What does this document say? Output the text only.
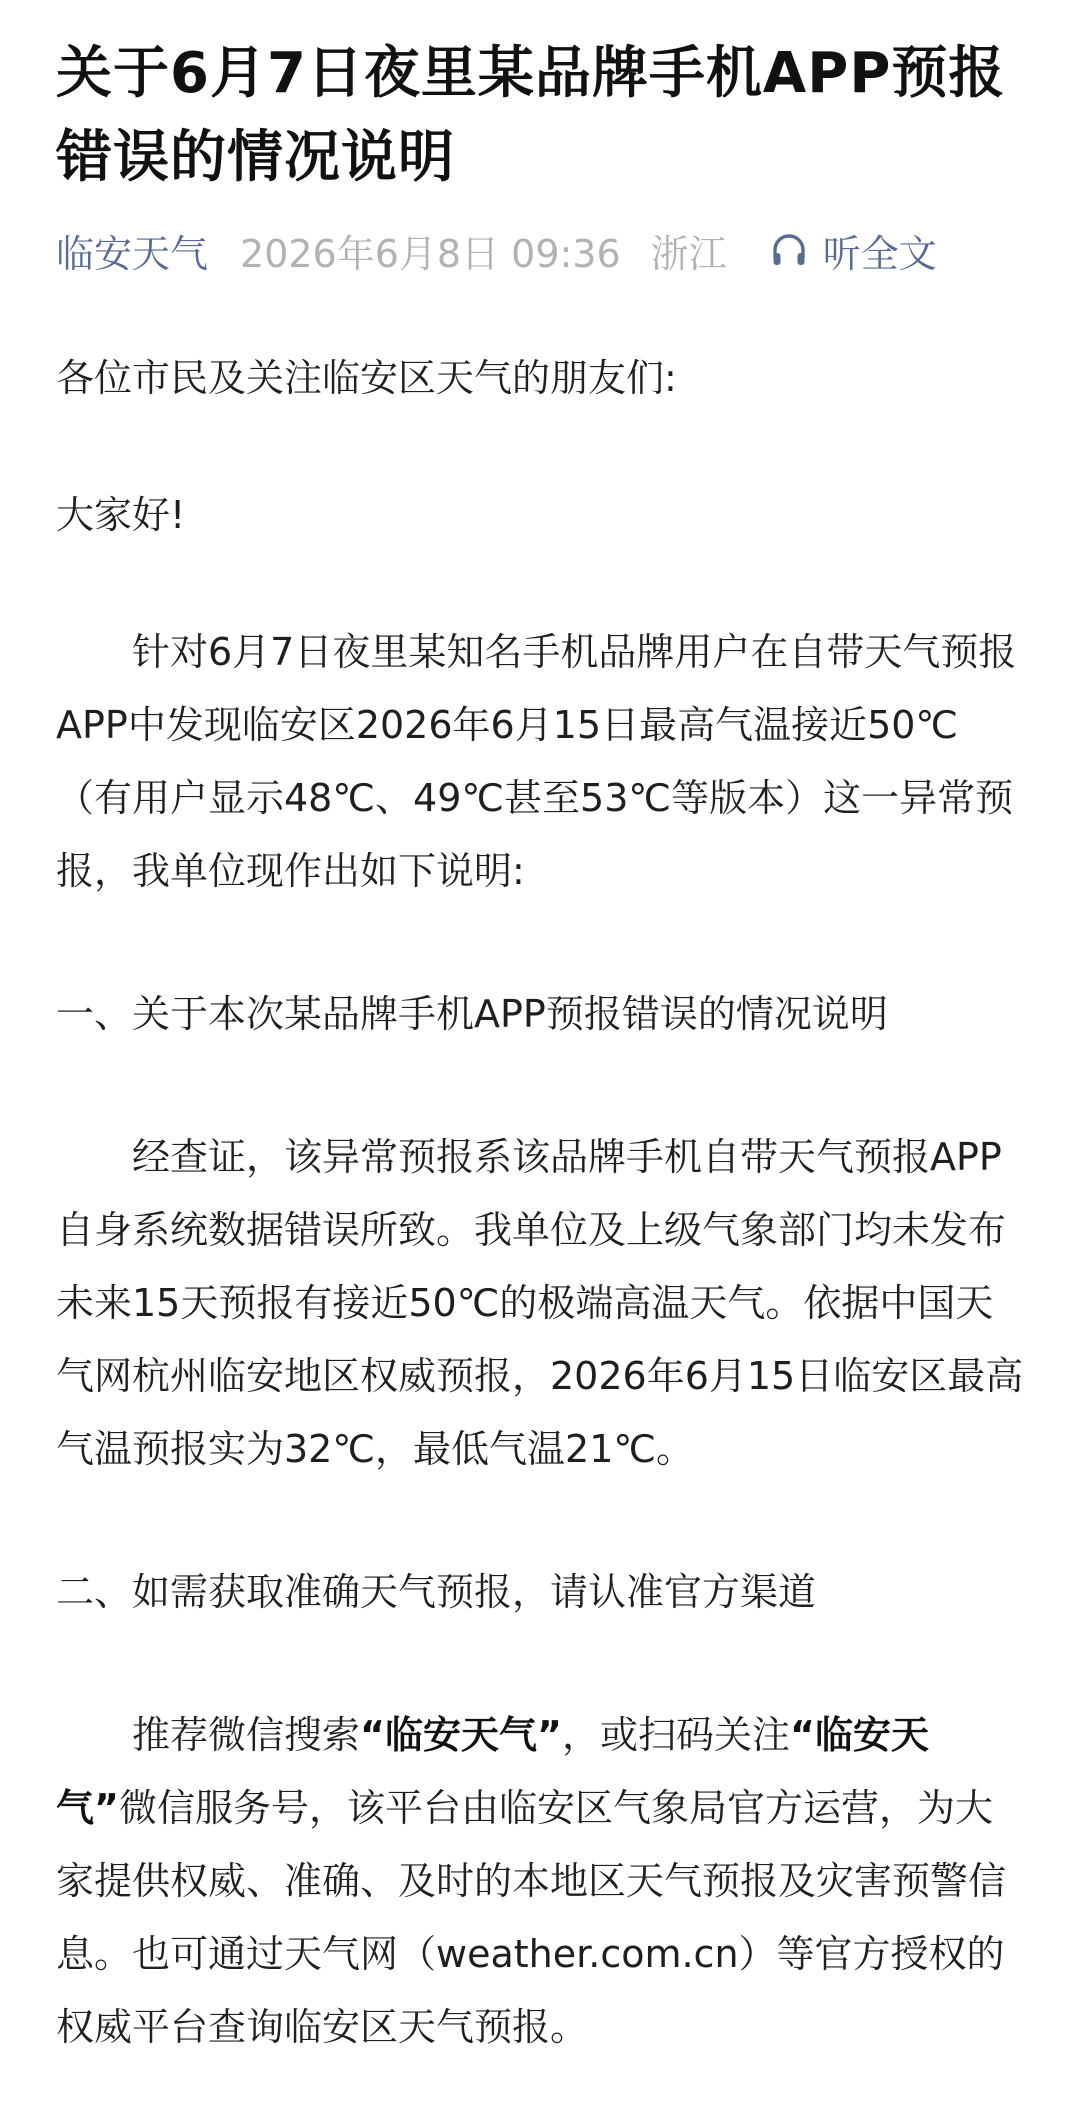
关于6月7日夜里某品牌手机APP预报错误的情况说明
临安天气 2026年6月8日 09:36 浙江	听全文

各位市民及关注临安区天气的朋友们:

大家好!

针对6月7日夜里某知名手机品牌用户在自带天气预报APP中发现临安区2026年6月15日最高气温接近50℃（有用户显示48℃、49℃甚至53℃等版本）这一异常预报，我单位现作出如下说明:

一、关于本次某品牌手机APP预报错误的情况说明

经查证，该异常预报系该品牌手机自带天气预报APP自身系统数据错误所致。我单位及上级气象部门均未发布未来15天预报有接近50℃的极端高温天气。依据中国天气网杭州临安地区权威预报，2026年6月15日临安区最高气温预报实为32℃，最低气温21℃。

二、如需获取准确天气预报，请认准官方渠道

推荐微信搜索“临安天气”，或扫码关注“临安天气”微信服务号，该平台由临安区气象局官方运营，为大家提供权威、准确、及时的本地区天气预报及灾害预警信息。也可通过天气网（weather.com.cn）等官方授权的权威平台查询临安区天气预报。
